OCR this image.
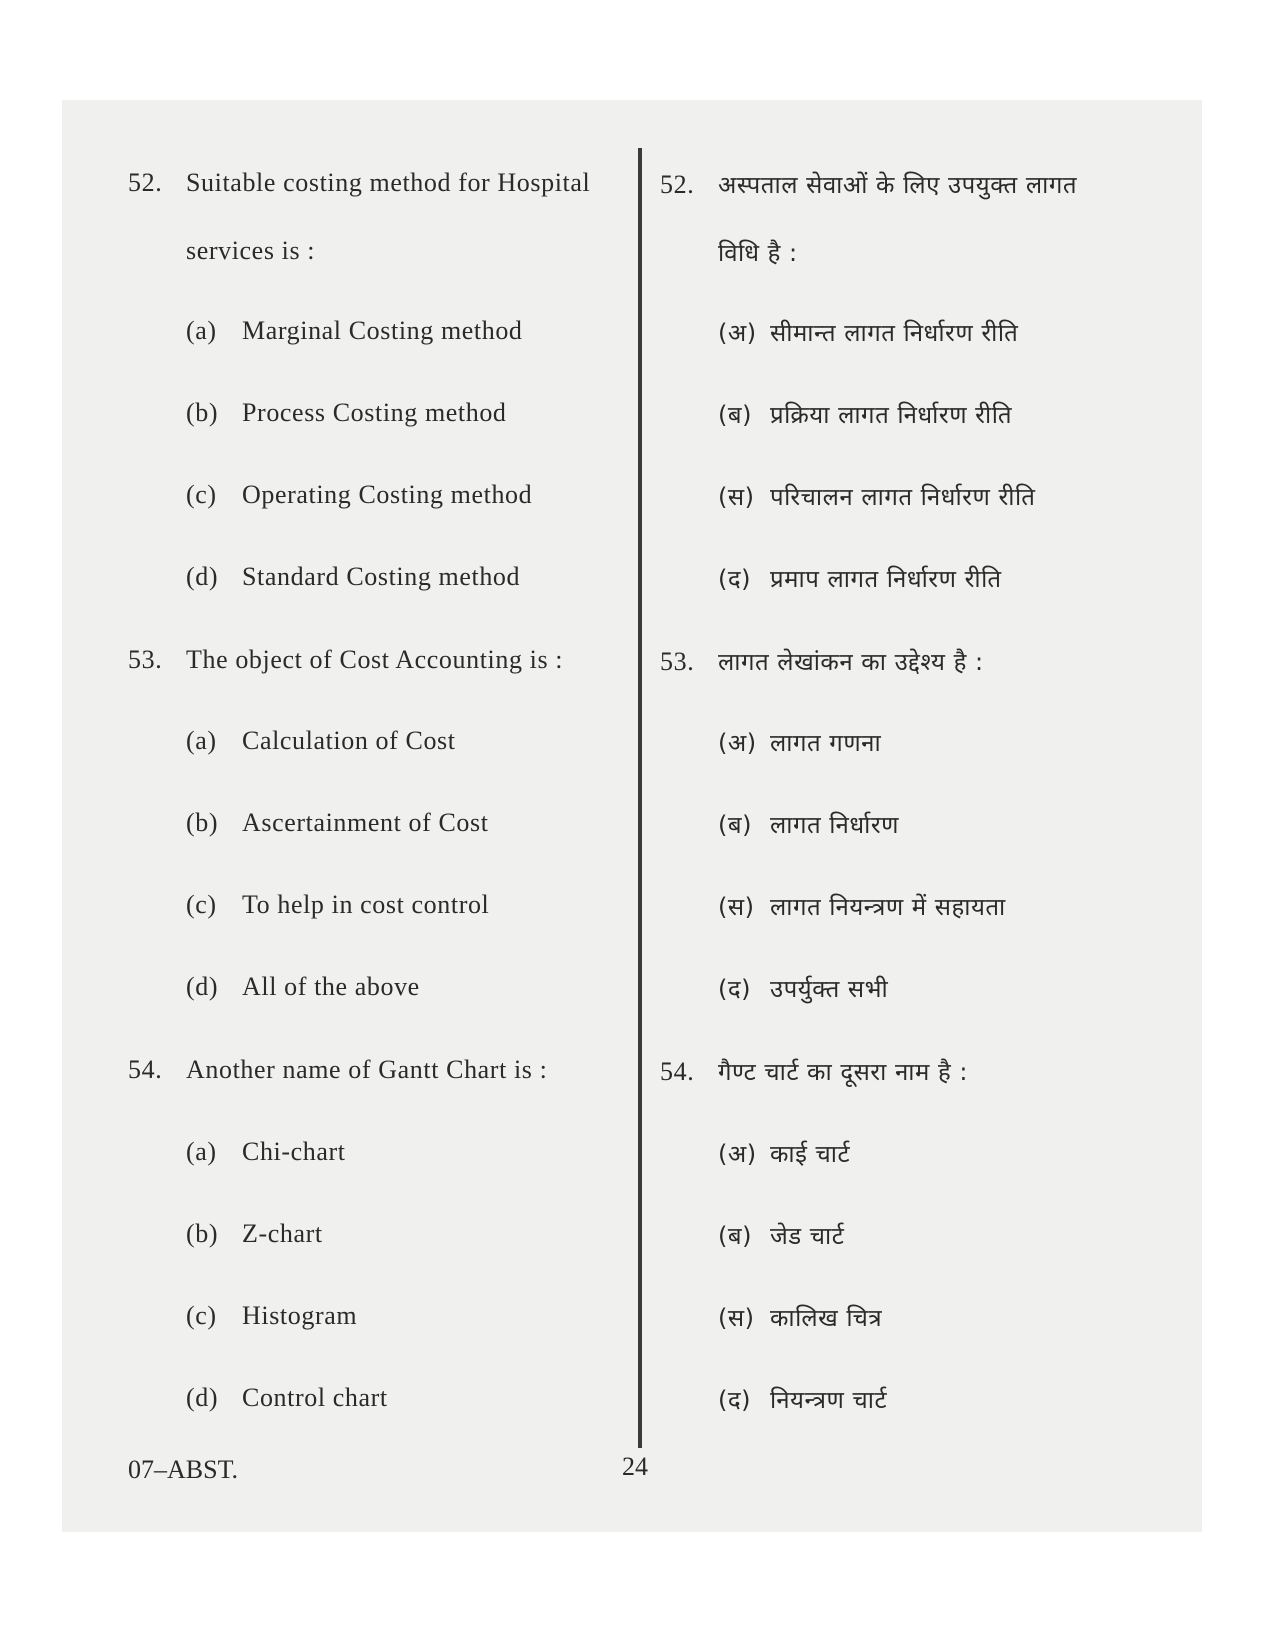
52. Suitable costing method for Hospital
services is :
(a) Marginal Costing method
(b) Process Costing method
(c) Operating Costing method
(d) Standard Costing method
53. The object of Cost Accounting is :
(a) Calculation of Cost
(b) Ascertainment of Cost
(c) To help in cost control
(d) All of the above
54. Another name of Gantt Chart is :
(a) Chi-chart
(b) Z-chart
(c) Histogram
(d) Control chart
52. अस्पताल सेवाओं के लिए उपयुक्त लागत
विधि है :
(अ) सीमान्त लागत निर्धारण रीति
(ब) प्रक्रिया लागत निर्धारण रीति
(स) परिचालन लागत निर्धारण रीति
(द) प्रमाप लागत निर्धारण रीति
53. लागत लेखांकन का उद्देश्य है :
(अ) लागत गणना
(ब) लागत निर्धारण
(स) लागत नियन्त्रण में सहायता
(द) उपर्युक्त सभी
54. गैण्ट चार्ट का दूसरा नाम है :
(अ) काई चार्ट
(ब) जेड चार्ट
(स) कालिख चित्र
(द) नियन्त्रण चार्ट
07–ABST.	24
